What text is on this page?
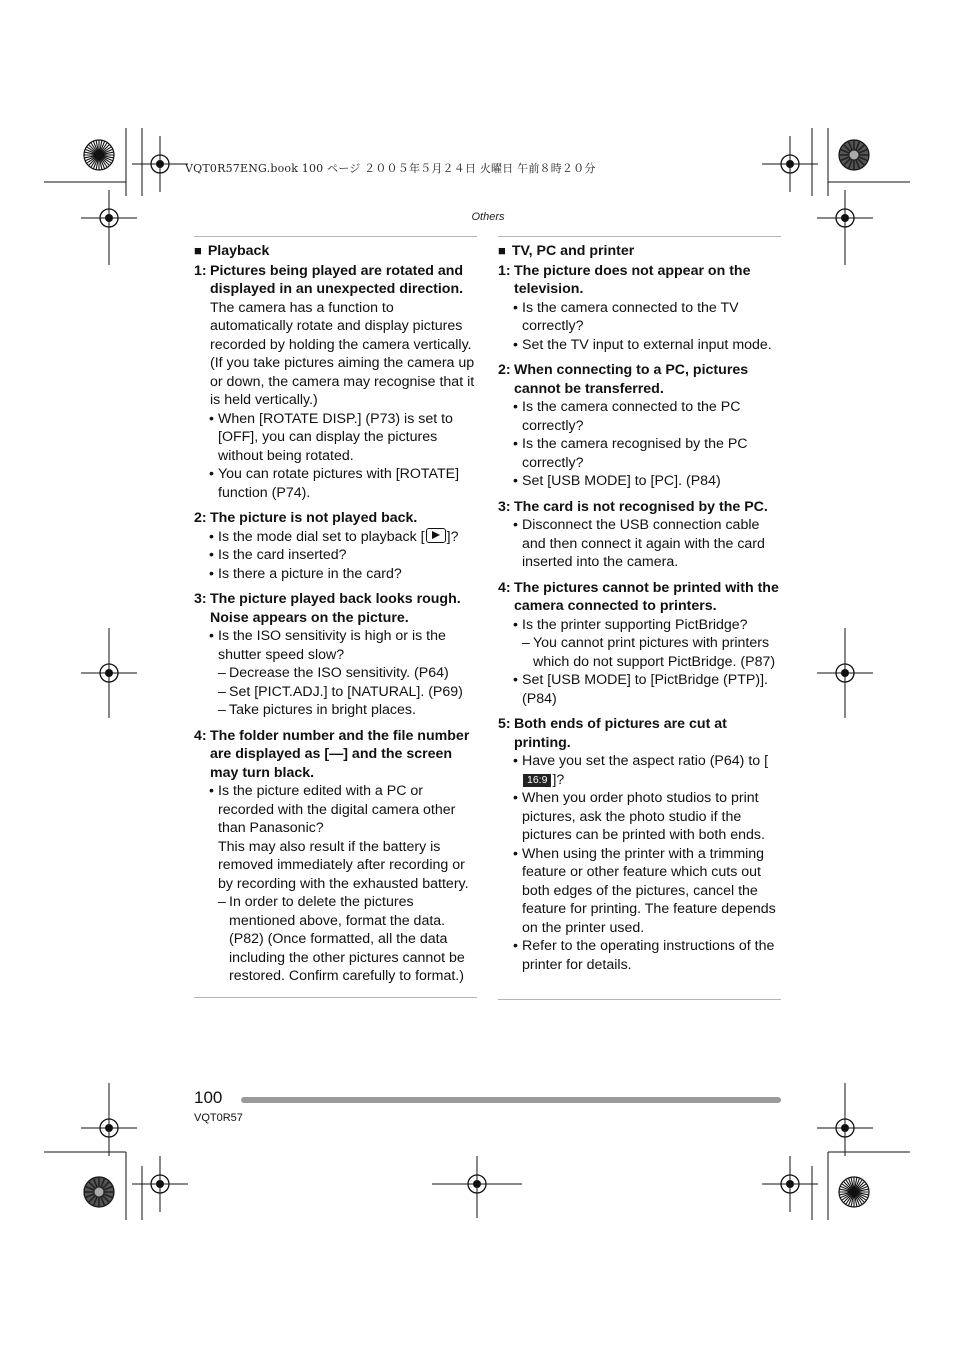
VQT0R57ENG.book 100 ページ ２００５年５月２４日 火曜日 午前８時２０分
Others
■ Playback
1: Pictures being played are rotated and displayed in an unexpected direction.
The camera has a function to automatically rotate and display pictures recorded by holding the camera vertically.
(If you take pictures aiming the camera up or down, the camera may recognise that it is held vertically.)
• When [ROTATE DISP.] (P73) is set to [OFF], you can display the pictures without being rotated.
• You can rotate pictures with [ROTATE] function (P74).
2: The picture is not played back.
• Is the mode dial set to playback [ ]?
• Is the card inserted?
• Is there a picture in the card?
3: The picture played back looks rough. Noise appears on the picture.
• Is the ISO sensitivity is high or is the shutter speed slow?
– Decrease the ISO sensitivity. (P64)
– Set [PICT.ADJ.] to [NATURAL]. (P69)
– Take pictures in bright places.
4: The folder number and the file number are displayed as [—] and the screen may turn black.
• Is the picture edited with a PC or recorded with the digital camera other than Panasonic?
This may also result if the battery is removed immediately after recording or by recording with the exhausted battery.
– In order to delete the pictures mentioned above, format the data. (P82) (Once formatted, all the data including the other pictures cannot be restored. Confirm carefully to format.)
■ TV, PC and printer
1: The picture does not appear on the television.
• Is the camera connected to the TV correctly?
• Set the TV input to external input mode.
2: When connecting to a PC, pictures cannot be transferred.
• Is the camera connected to the PC correctly?
• Is the camera recognised by the PC correctly?
• Set [USB MODE] to [PC]. (P84)
3: The card is not recognised by the PC.
• Disconnect the USB connection cable and then connect it again with the card inserted into the camera.
4: The pictures cannot be printed with the camera connected to printers.
• Is the printer supporting PictBridge?
– You cannot print pictures with printers which do not support PictBridge. (P87)
• Set [USB MODE] to [PictBridge (PTP)]. (P84)
5: Both ends of pictures are cut at printing.
• Have you set the aspect ratio (P64) to [16:9 ]?
• When you order photo studios to print pictures, ask the photo studio if the pictures can be printed with both ends.
• When using the printer with a trimming feature or other feature which cuts out both edges of the pictures, cancel the feature for printing. The feature depends on the printer used.
• Refer to the operating instructions of the printer for details.
100
VQT0R57
